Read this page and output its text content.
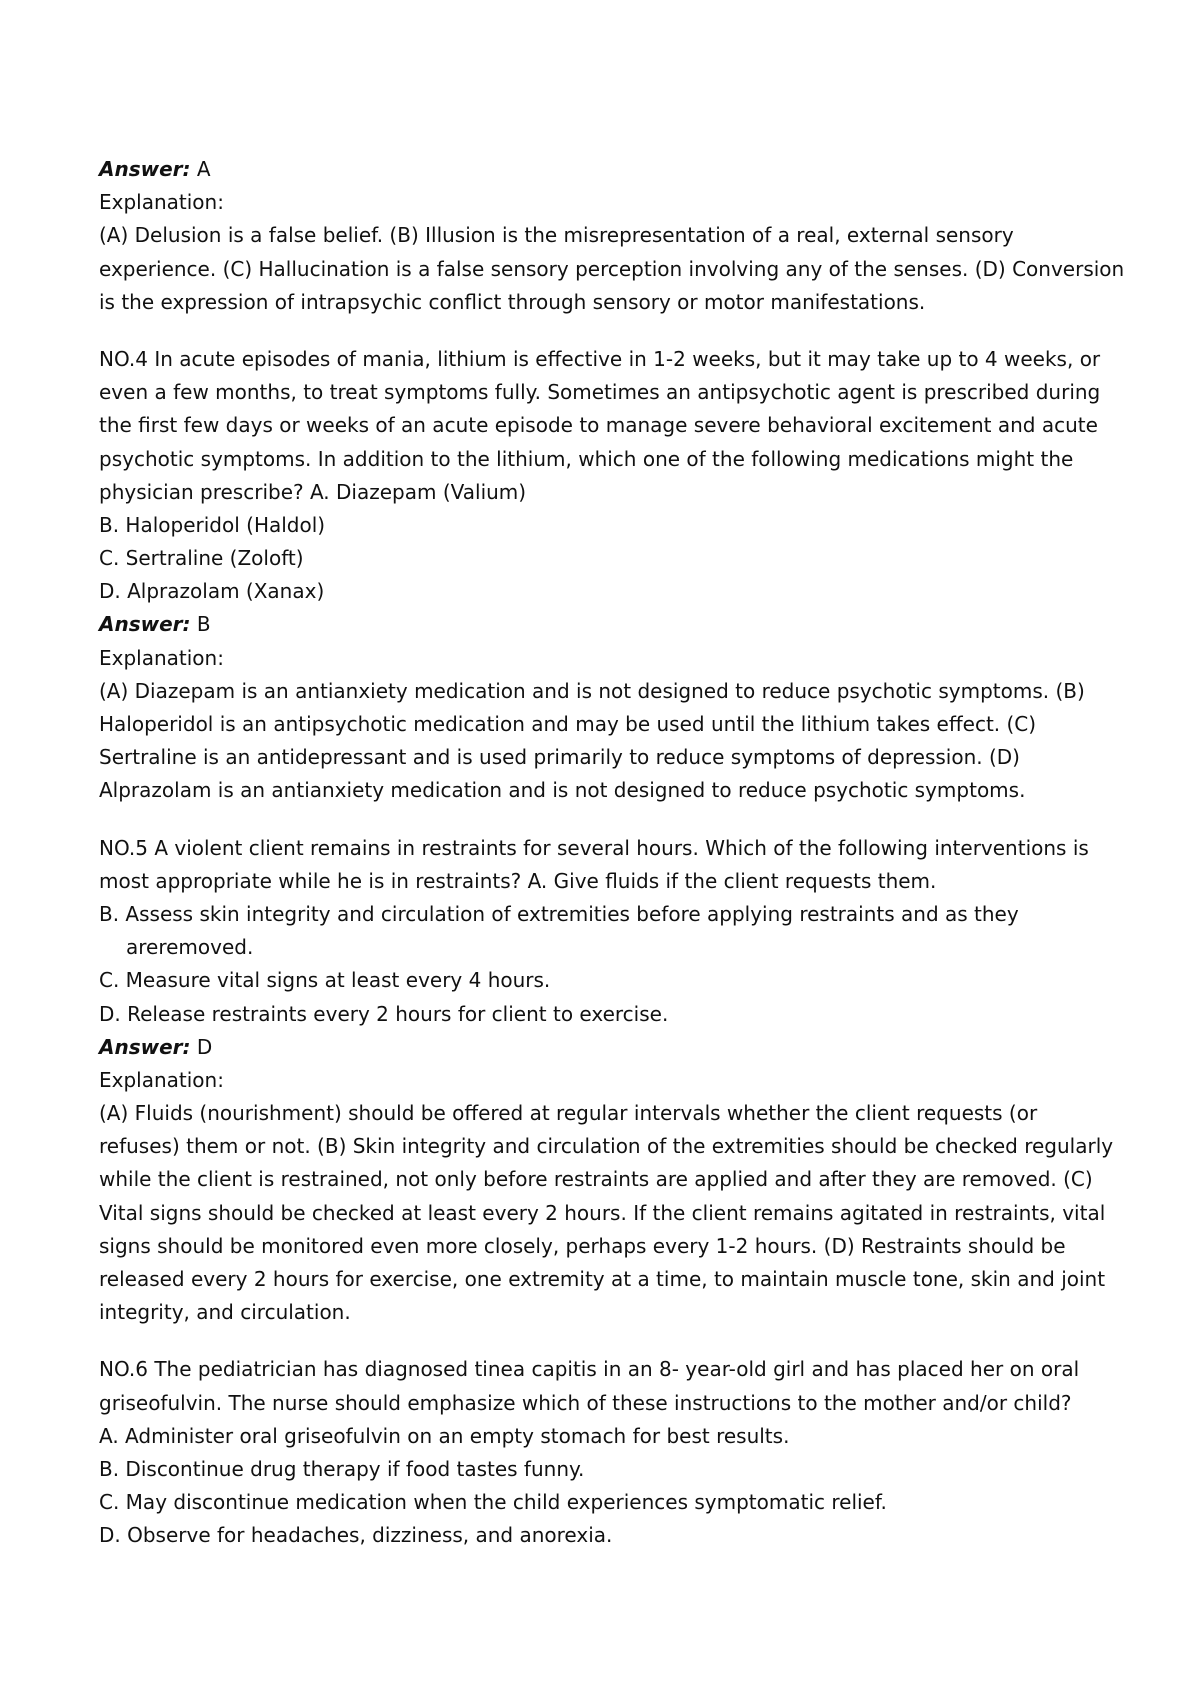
Answer: A
Explanation:
(A) Delusion is a false belief. (B) Illusion is the misrepresentation of a real, external sensory
experience. (C) Hallucination is a false sensory perception involving any of the senses. (D) Conversion
is the expression of intrapsychic conflict through sensory or motor manifestations.
NO.4 In acute episodes of mania, lithium is effective in 1-2 weeks, but it may take up to 4 weeks, or
even a few months, to treat symptoms fully. Sometimes an antipsychotic agent is prescribed during
the first few days or weeks of an acute episode to manage severe behavioral excitement and acute
psychotic symptoms. In addition to the lithium, which one of the following medications might the
physician prescribe? A. Diazepam (Valium)
B. Haloperidol (Haldol)
C. Sertraline (Zoloft)
D. Alprazolam (Xanax)
Answer: B
Explanation:
(A) Diazepam is an antianxiety medication and is not designed to reduce psychotic symptoms. (B)
Haloperidol is an antipsychotic medication and may be used until the lithium takes effect. (C)
Sertraline is an antidepressant and is used primarily to reduce symptoms of depression. (D)
Alprazolam is an antianxiety medication and is not designed to reduce psychotic symptoms.
NO.5 A violent client remains in restraints for several hours. Which of the following interventions is
most appropriate while he is in restraints? A. Give fluids if the client requests them.
B. Assess skin integrity and circulation of extremities before applying restraints and as they
areremoved.
C. Measure vital signs at least every 4 hours.
D. Release restraints every 2 hours for client to exercise.
Answer: D
Explanation:
(A) Fluids (nourishment) should be offered at regular intervals whether the client requests (or
refuses) them or not. (B) Skin integrity and circulation of the extremities should be checked regularly
while the client is restrained, not only before restraints are applied and after they are removed. (C)
Vital signs should be checked at least every 2 hours. If the client remains agitated in restraints, vital
signs should be monitored even more closely, perhaps every 1-2 hours. (D) Restraints should be
released every 2 hours for exercise, one extremity at a time, to maintain muscle tone, skin and joint
integrity, and circulation.
NO.6 The pediatrician has diagnosed tinea capitis in an 8- year-old girl and has placed her on oral
griseofulvin. The nurse should emphasize which of these instructions to the mother and/or child?
A. Administer oral griseofulvin on an empty stomach for best results.
B. Discontinue drug therapy if food tastes funny.
C. May discontinue medication when the child experiences symptomatic relief.
D. Observe for headaches, dizziness, and anorexia.
